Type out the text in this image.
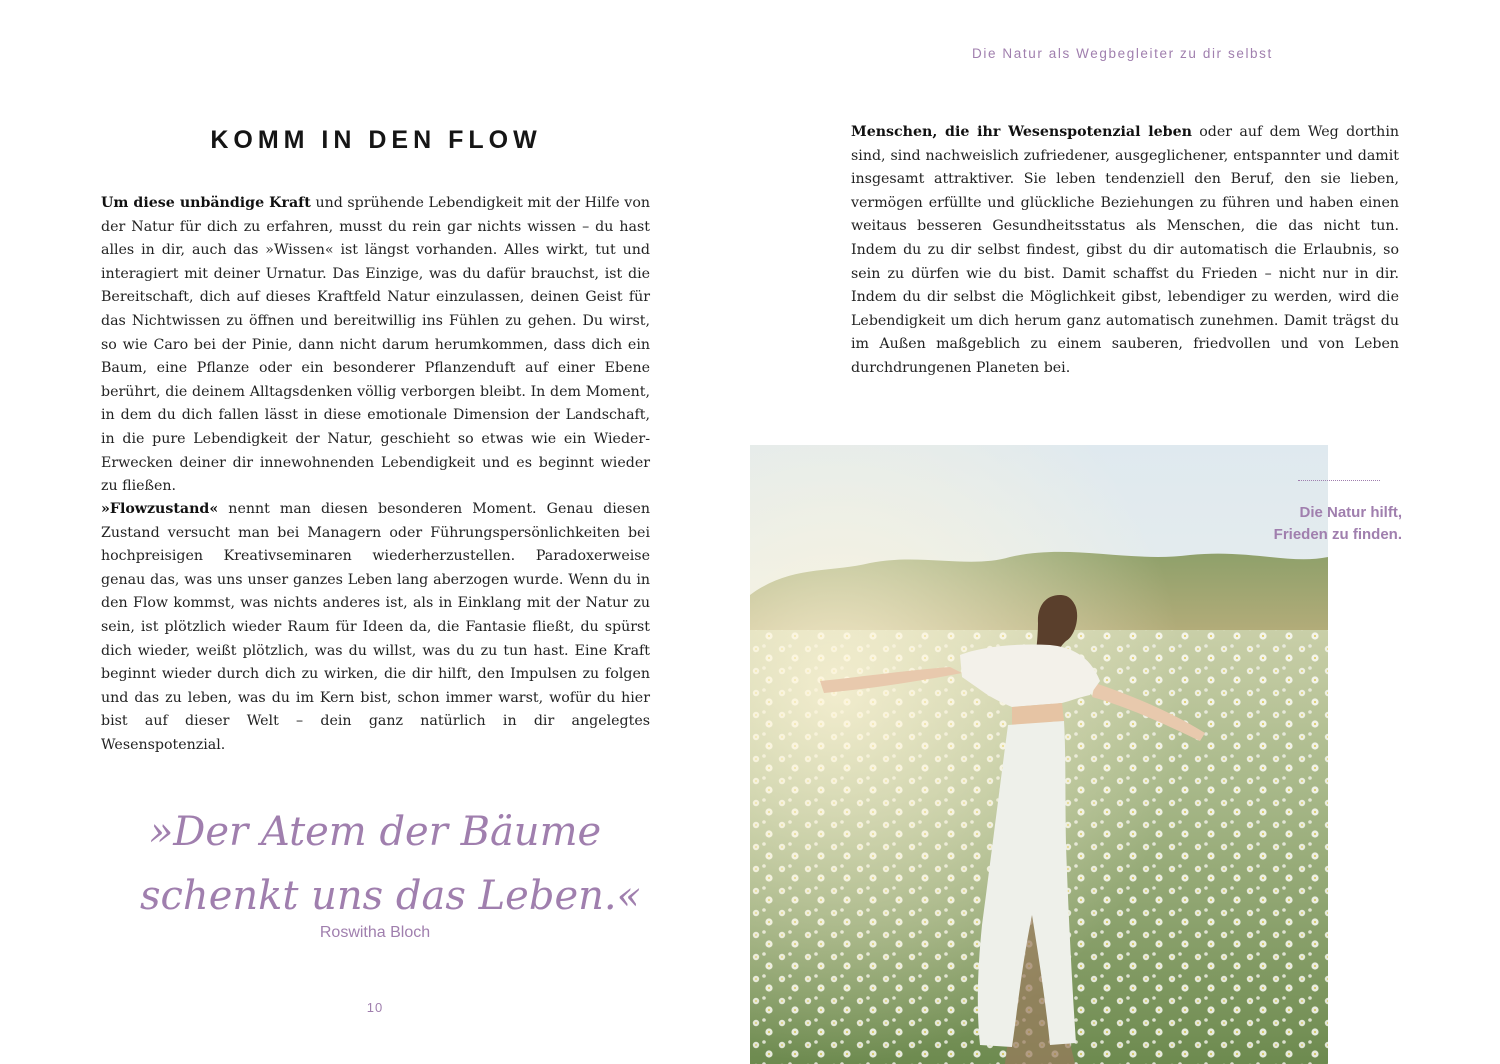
Die Natur als Wegbegleiter zu dir selbst
KOMM IN DEN FLOW

Um diese unbändige Kraft und sprühende Lebendigkeit mit der Hilfe von der Natur für dich zu erfahren, musst du rein gar nichts wissen – du hast alles in dir, auch das »Wissen« ist längst vorhanden. Alles wirkt, tut und interagiert mit deiner Urnatur. Das Einzige, was du dafür brauchst, ist die Bereitschaft, dich auf dieses Kraftfeld Natur einzulassen, deinen Geist für das Nichtwissen zu öffnen und bereitwillig ins Fühlen zu gehen. Du wirst, so wie Caro bei der Pinie, dann nicht darum herumkommen, dass dich ein Baum, eine Pflanze oder ein besonderer Pflanzenduft auf einer Ebene berührt, die deinem Alltagsdenken völlig verborgen bleibt. In dem Moment, in dem du dich fallen lässt in diese emotionale Dimension der Landschaft, in die pure Lebendigkeit der Natur, geschieht so etwas wie ein Wieder-Erwecken deiner dir innewohnenden Lebendigkeit und es beginnt wieder zu fließen.

»Flowzustand« nennt man diesen besonderen Moment. Genau diesen Zustand versucht man bei Managern oder Führungspersönlichkeiten bei hochpreisigen Kreativseminaren wiederherzustellen. Paradoxerweise genau das, was uns unser ganzes Leben lang aberzogen wurde. Wenn du in den Flow kommst, was nichts anderes ist, als in Einklang mit der Natur zu sein, ist plötzlich wieder Raum für Ideen da, die Fantasie fließt, du spürst dich wieder, weißt plötzlich, was du willst, was du zu tun hast. Eine Kraft beginnt wieder durch dich zu wirken, die dir hilft, den Impulsen zu folgen und das zu leben, was du im Kern bist, schon immer warst, wofür du hier bist auf dieser Welt – dein ganz natürlich in dir angelegtes Wesenspotenzial.

»Der Atem der Bäume
schenkt uns das Leben.«

Roswitha Bloch

10

Menschen, die ihr Wesenspotenzial leben oder auf dem Weg dorthin sind, sind nachweislich zufriedener, ausgeglichener, entspannter und damit insgesamt attraktiver. Sie leben tendenziell den Beruf, den sie lieben, vermögen erfüllte und glückliche Beziehungen zu führen und haben einen weitaus besseren Gesundheitsstatus als Menschen, die das nicht tun. Indem du zu dir selbst findest, gibst du dir automatisch die Erlaubnis, so sein zu dürfen wie du bist. Damit schaffst du Frieden – nicht nur in dir. Indem du dir selbst die Möglichkeit gibst, lebendiger zu werden, wird die Lebendigkeit um dich herum ganz automatisch zunehmen. Damit trägst du im Außen maßgeblich zu einem sauberen, friedvollen und von Leben durchdrungenen Planeten bei.

Die Natur hilft,
Frieden zu finden.
